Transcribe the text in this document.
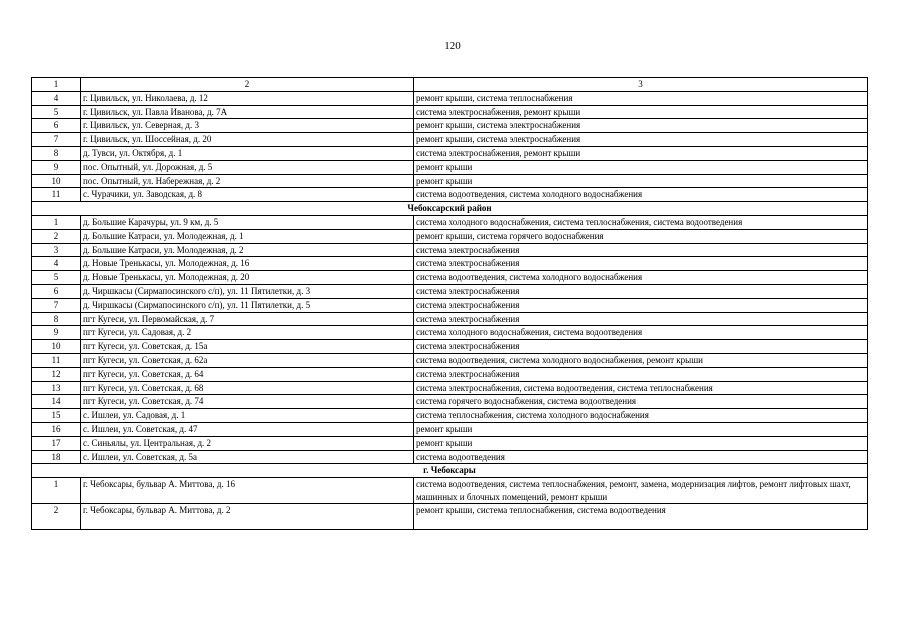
120
1	2	3
4	г. Цивильск, ул. Николаева, д. 12	ремонт крыши, система теплоснабжения
5	г. Цивильск, ул. Павла Иванова, д. 7А	система электроснабжения, ремонт крыши
6	г. Цивильск, ул. Северная, д. 3	ремонт крыши, система электроснабжения
7	г. Цивильск, ул. Шоссейная, д. 20	ремонт крыши, система электроснабжения
8	д. Тувси, ул. Октября, д. 1	система электроснабжения, ремонт крыши
9	пос. Опытный, ул. Дорожная, д. 5	ремонт крыши
10	пос. Опытный, ул. Набережная, д. 2	ремонт крыши
11	с. Чурачики, ул. Заводская, д. 8	система водоотведения, система холодного водоснабжения
Чебоксарский район		
1	д. Большие Карачуры, ул. 9 км, д. 5	система холодного водоснабжения, система теплоснабжения, система водоотведения
2	д. Большие Катраси, ул. Молодежная, д. 1	ремонт крыши, система горячего водоснабжения
3	д. Большие Катраси, ул. Молодежная, д. 2	система электроснабжения
4	д. Новые Тренькасы, ул. Молодежная, д. 16	система электроснабжения
5	д. Новые Тренькасы, ул. Молодежная, д. 20	система водоотведения, система холодного водоснабжения
6	д. Чиршкасы (Сирмапосинского с/п), ул. 11 Пятилетки, д. 3	система электроснабжения
7	д. Чиршкасы (Сирмапосинского с/п), ул. 11 Пятилетки, д. 5	система электроснабжения
8	пгт Кугеси, ул. Первомайская, д. 7	система электроснабжения
9	пгт Кугеси, ул. Садовая, д. 2	система холодного водоснабжения, система водоотведения
10	пгт Кугеси, ул. Советская, д. 15а	система электроснабжения
11	пгт Кугеси, ул. Советская, д. 62а	система водоотведения, система холодного водоснабжения, ремонт крыши
12	пгт Кугеси, ул. Советская, д. 64	система электроснабжения
13	пгт Кугеси, ул. Советская, д. 68	система электроснабжения, система водоотведения, система теплоснабжения
14	пгт Кугеси, ул. Советская, д. 74	система горячего водоснабжения, система водоотведения
15	с. Ишлеи, ул. Садовая, д. 1	система теплоснабжения, система холодного водоснабжения
16	с. Ишлеи, ул. Советская, д. 47	ремонт крыши
17	с. Синьялы, ул. Центральная, д. 2	ремонт крыши
18	с. Ишлеи, ул. Советская, д. 5а	система водоотведения
г. Чебоксары		
1	г. Чебоксары, бульвар А. Миттова, д. 16	система водоотведения, система теплоснабжения, ремонт, замена, модернизация лифтов, ремонт лифтовых шахт, машинных и блочных помещений, ремонт крыши
2	г. Чебоксары, бульвар А. Миттова, д. 2	ремонт крыши, система теплоснабжения, система водоотведения
